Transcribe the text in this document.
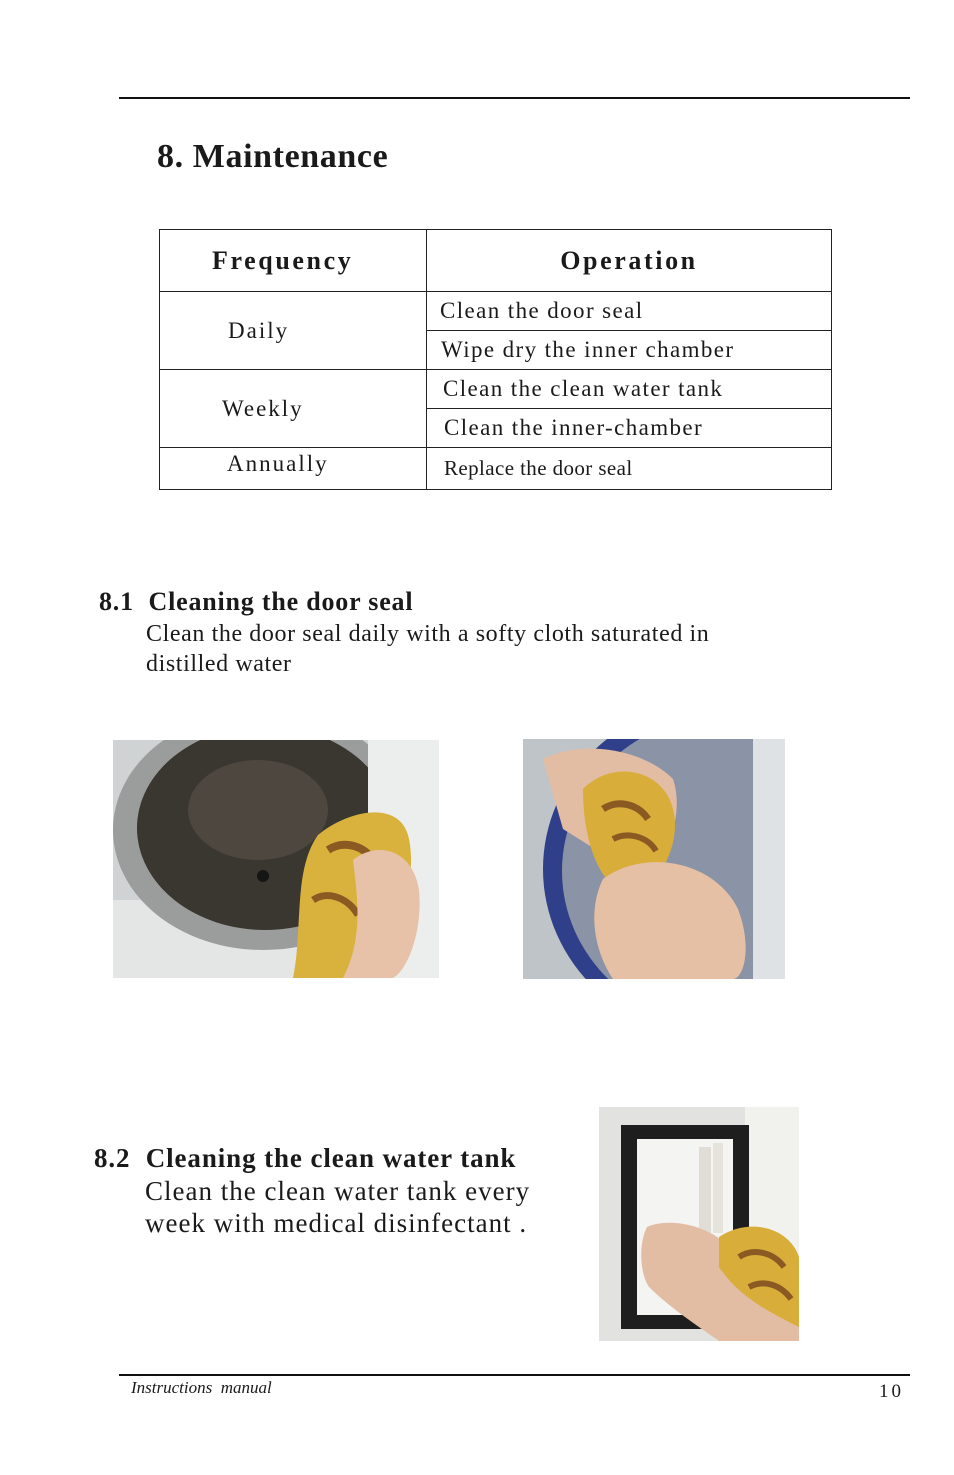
8. Maintenance
Frequency	Operation
Daily	Clean the door seal
	Wipe dry the inner chamber
Weekly	Clean the clean water tank
	Clean the inner-chamber
Annually	Replace the door seal
8.1  Cleaning the door seal
Clean the door seal daily with a softy cloth saturated in
distilled water
8.2  Cleaning the clean water tank
Clean the clean water tank every
week with medical disinfectant .
Instructions  manual	10
